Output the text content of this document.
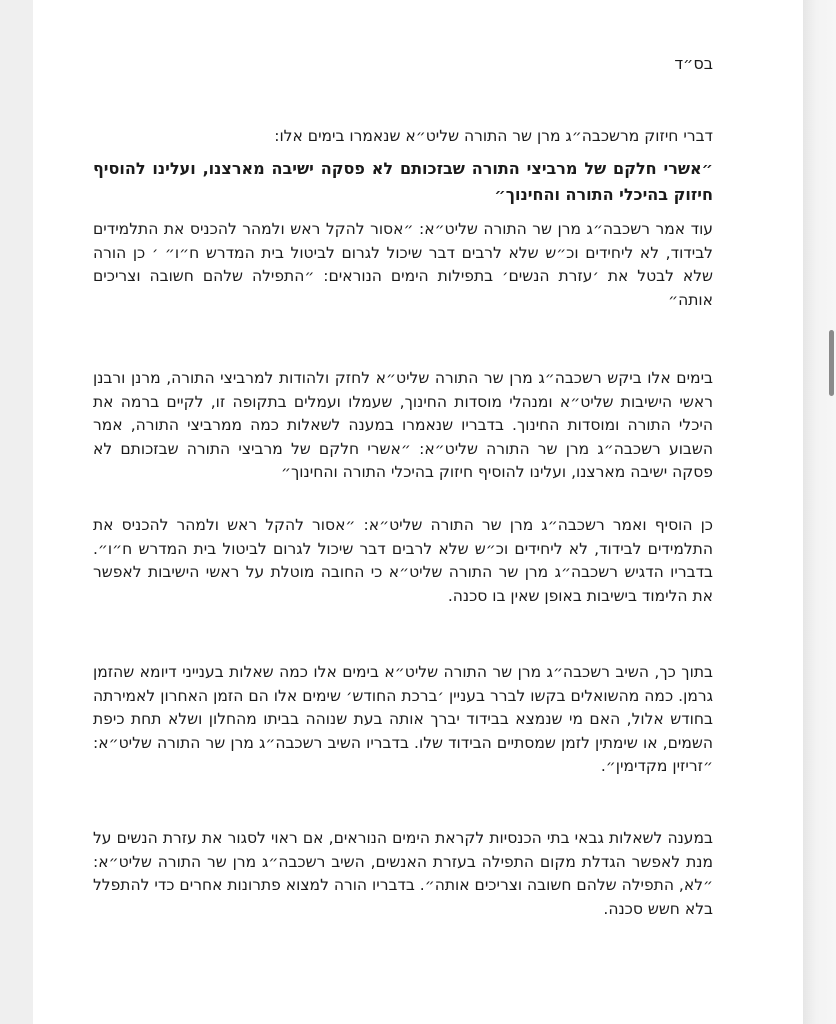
בס״ד
דברי חיזוק מרשכבה״ג מרן שר התורה שליט״א שנאמרו בימים אלו:
״אשרי חלקם של מרביצי התורה שבזכותם לא פסקה ישיבה מארצנו, ועלינו להוסיף חיזוק בהיכלי התורה והחינוך״
עוד אמר רשכבה״ג מרן שר התורה שליט״א: ״אסור להקל ראש ולמהר להכניס את התלמידים לבידוד, לא ליחידים וכ״ש שלא לרבים דבר שיכול לגרום לביטול בית המדרש ח״ו״ ׳ כן הורה שלא לבטל את ׳עזרת הנשים׳ בתפילות הימים הנוראים: ״התפילה שלהם חשובה וצריכים אותה״
בימים אלו ביקש רשכבה״ג מרן שר התורה שליט״א לחזק ולהודות למרביצי התורה, מרנן ורבנן ראשי הישיבות שליט״א ומנהלי מוסדות החינוך, שעמלו ועמלים בתקופה זו, לקיים ברמה את היכלי התורה ומוסדות החינוך. בדבריו שנאמרו במענה לשאלות כמה ממרביצי התורה, אמר השבוע רשכבה״ג מרן שר התורה שליט״א: ״אשרי חלקם של מרביצי התורה שבזכותם לא פסקה ישיבה מארצנו, ועלינו להוסיף חיזוק בהיכלי התורה והחינוך״
כן הוסיף ואמר רשכבה״ג מרן שר התורה שליט״א: ״אסור להקל ראש ולמהר להכניס את התלמידים לבידוד, לא ליחידים וכ״ש שלא לרבים דבר שיכול לגרום לביטול בית המדרש ח״ו״. בדבריו הדגיש רשכבה״ג מרן שר התורה שליט״א כי החובה מוטלת על ראשי הישיבות לאפשר את הלימוד בישיבות באופן שאין בו סכנה.
בתוך כך, השיב רשכבה״ג מרן שר התורה שליט״א בימים אלו כמה שאלות בענייני דיומא שהזמן גרמן. כמה מהשואלים בקשו לברר בעניין ׳ברכת החודש׳ שימים אלו הם הזמן האחרון לאמירתה בחודש אלול, האם מי שנמצא בבידוד יברך אותה בעת שנוהה בביתו מהחלון ושלא תחת כיפת השמים, או שימתין לזמן שמסתיים הבידוד שלו. בדבריו השיב רשכבה״ג מרן שר התורה שליט״א: ״זריזין מקדימין״.
במענה לשאלות גבאי בתי הכנסיות לקראת הימים הנוראים, אם ראוי לסגור את עזרת הנשים על מנת לאפשר הגדלת מקום התפילה בעזרת האנשים, השיב רשכבה״ג מרן שר התורה שליט״א: ״לא, התפילה שלהם חשובה וצריכים אותה״. בדבריו הורה למצוא פתרונות אחרים כדי להתפלל בלא חשש סכנה.
